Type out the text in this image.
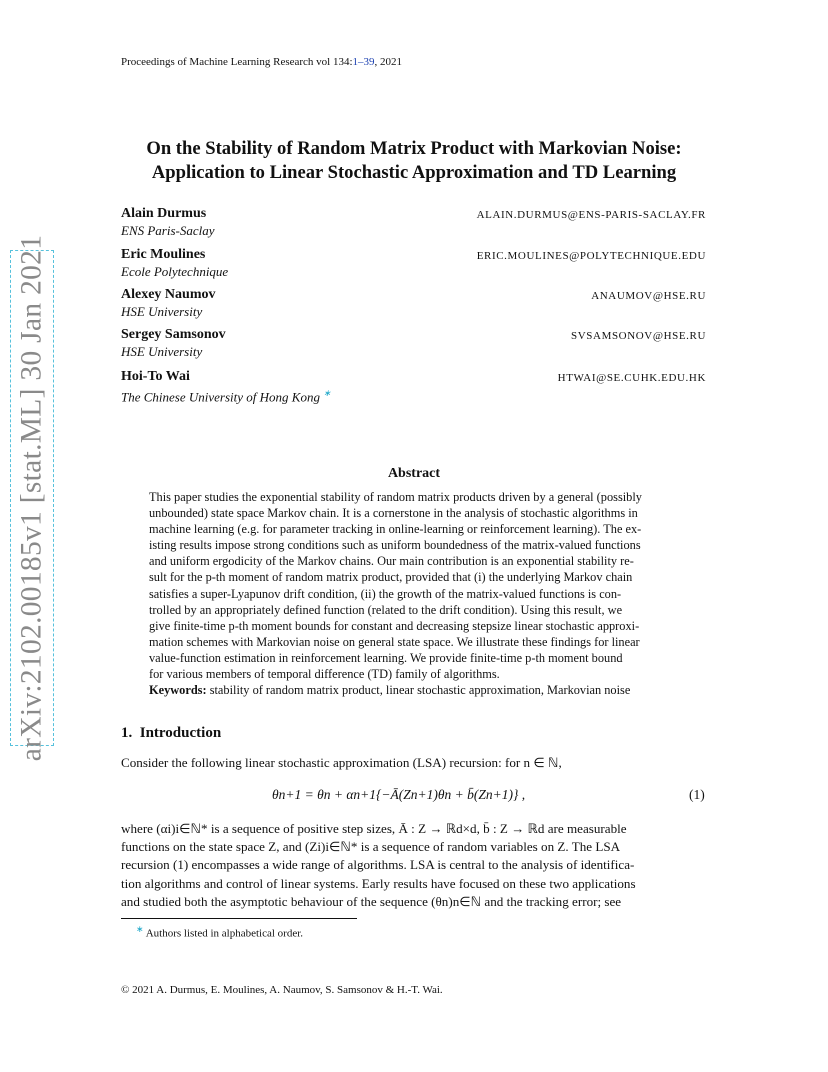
Proceedings of Machine Learning Research vol 134:1–39, 2021
On the Stability of Random Matrix Product with Markovian Noise:
Application to Linear Stochastic Approximation and TD Learning
Alain Durmus
ENS Paris-Saclay
ALAIN.DURMUS@ENS-PARIS-SACLAY.FR
Eric Moulines
Ecole Polytechnique
ERIC.MOULINES@POLYTECHNIQUE.EDU
Alexey Naumov
HSE University
ANAUMOV@HSE.RU
Sergey Samsonov
HSE University
SVSAMSONOV@HSE.RU
Hoi-To Wai
The Chinese University of Hong Kong ∗
HTWAI@SE.CUHK.EDU.HK
arXiv:2102.00185v1 [stat.ML] 30 Jan 2021	Abstract

This paper studies the exponential stability of random matrix products driven by a general (possibly

unbounded) state space Markov chain. It is a cornerstone in the analysis of stochastic algorithms in

machine learning (e.g. for parameter tracking in online-learning or reinforcement learning). The ex-

isting results impose strong conditions such as uniform boundedness of the matrix-valued functions

and uniform ergodicity of the Markov chains. Our main contribution is an exponential stability re-

sult for the p-th moment of random matrix product, provided that (i) the underlying Markov chain

satisfies a super-Lyapunov drift condition, (ii) the growth of the matrix-valued functions is con-

trolled by an appropriately defined function (related to the drift condition). Using this result, we

give finite-time p-th moment bounds for constant and decreasing stepsize linear stochastic approxi-

mation schemes with Markovian noise on general state space. We illustrate these findings for linear

value-function estimation in reinforcement learning. We provide finite-time p-th moment bound

for various members of temporal difference (TD) family of algorithms.

Keywords: stability of random matrix product, linear stochastic approximation, Markovian noise

1. Introduction

Consider the following linear stochastic approximation (LSA) recursion: for n ∈ ℕ,

θn+1 = θn + αn+1{−Ā(Zn+1)θn + b̄(Zn+1)} ,	(1)

where (αi)i∈ℕ* is a sequence of positive step sizes, Ā : Z → ℝd×d, b̄ : Z → ℝd are measurable

functions on the state space Z, and (Zi)i∈ℕ* is a sequence of random variables on Z. The LSA

recursion (1) encompasses a wide range of algorithms. LSA is central to the analysis of identifica-

tion algorithms and control of linear systems. Early results have focused on these two applications

and studied both the asymptotic behaviour of the sequence (θn)n∈ℕ and the tracking error; see

∗ Authors listed in alphabetical order.
© 2021 A. Durmus, E. Moulines, A. Naumov, S. Samsonov & H.-T. Wai.
